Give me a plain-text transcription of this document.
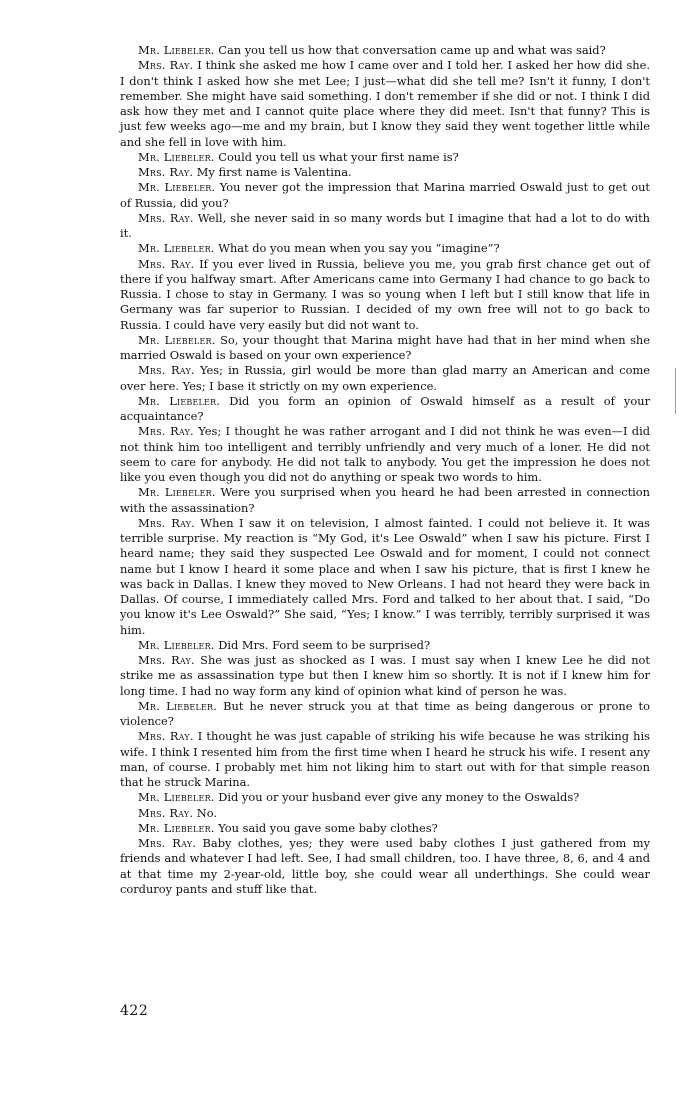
Mr. Liebeler. Can you tell us how that conversation came up and what was said?

Mrs. Ray. I think she asked me how I came over and I told her. I asked her how did she. I don't think I asked how she met Lee; I just—what did she tell me? Isn't it funny, I don't remember. She might have said something. I don't remember if she did or not. I think I did ask how they met and I cannot quite place where they did meet. Isn't that funny? This is just few weeks ago—me and my brain, but I know they said they went together little while and she fell in love with him.

Mr. Liebeler. Could you tell us what your first name is?

Mrs. Ray. My first name is Valentina.

Mr. Liebeler. You never got the impression that Marina married Oswald just to get out of Russia, did you?

Mrs. Ray. Well, she never said in so many words but I imagine that had a lot to do with it.

Mr. Liebeler. What do you mean when you say you “imagine”?

Mrs. Ray. If you ever lived in Russia, believe you me, you grab first chance get out of there if you halfway smart. After Americans came into Germany I had chance to go back to Russia. I chose to stay in Germany. I was so young when I left but I still know that life in Germany was far superior to Russian. I decided of my own free will not to go back to Russia. I could have very easily but did not want to.

Mr. Liebeler. So, your thought that Marina might have had that in her mind when she married Oswald is based on your own experience?

Mrs. Ray. Yes; in Russia, girl would be more than glad marry an American and come over here. Yes; I base it strictly on my own experience.

Mr. Liebeler. Did you form an opinion of Oswald himself as a result of your acquaintance?

Mrs. Ray. Yes; I thought he was rather arrogant and I did not think he was even—I did not think him too intelligent and terribly unfriendly and very much of a loner. He did not seem to care for anybody. He did not talk to anybody. You get the impression he does not like you even though you did not do anything or speak two words to him.

Mr. Liebeler. Were you surprised when you heard he had been arrested in connection with the assassination?

Mrs. Ray. When I saw it on television, I almost fainted. I could not believe it. It was terrible surprise. My reaction is “My God, it's Lee Oswald” when I saw his picture. First I heard name; they said they suspected Lee Oswald and for moment, I could not connect name but I know I heard it some place and when I saw his picture, that is first I knew he was back in Dallas. I knew they moved to New Orleans. I had not heard they were back in Dallas. Of course, I immediately called Mrs. Ford and talked to her about that. I said, “Do you know it's Lee Oswald?” She said, “Yes; I know.” I was terribly, terribly surprised it was him.

Mr. Liebeler. Did Mrs. Ford seem to be surprised?

Mrs. Ray. She was just as shocked as I was. I must say when I knew Lee he did not strike me as assassination type but then I knew him so shortly. It is not if I knew him for long time. I had no way form any kind of opinion what kind of person he was.

Mr. Liebeler. But he never struck you at that time as being dangerous or prone to violence?

Mrs. Ray. I thought he was just capable of striking his wife because he was striking his wife. I think I resented him from the first time when I heard he struck his wife. I resent any man, of course. I probably met him not liking him to start out with for that simple reason that he struck Marina.

Mr. Liebeler. Did you or your husband ever give any money to the Oswalds?

Mrs. Ray. No.

Mr. Liebeler. You said you gave some baby clothes?

Mrs. Ray. Baby clothes, yes; they were used baby clothes I just gathered from my friends and whatever I had left. See, I had small children, too. I have three, 8, 6, and 4 and at that time my 2-year-old, little boy, she could wear all underthings. She could wear corduroy pants and stuff like that.

422
